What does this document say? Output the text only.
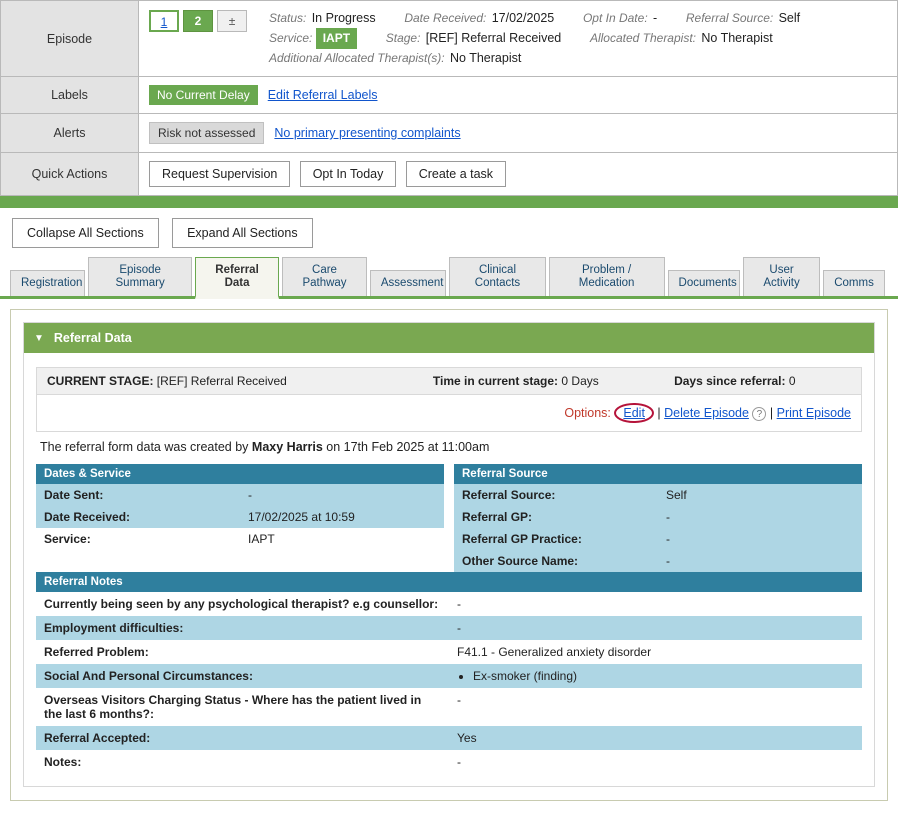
Episode	
1	2	±	Status: In Progress Date Received: 17/02/2025 Opt In Date: - Referral Source: Self
Service: IAPT	Stage: [REF] Referral Received Allocated Therapist: No Therapist
Additional Allocated Therapist(s): No Therapist

Labels	No Current Delay Edit Referral Labels
Alerts	Risk not assessed No primary presenting complaints
Quick Actions	Request Supervision Opt In Today Create a task
Collapse All Sections	Expand All Sections
Registration
Episode Summary
Referral Data
Care Pathway	Assessment
Clinical Contacts
Problem / Medication	Documents
User Activity	Comms
▼ Referral Data
CURRENT STAGE: [REF] Referral Received	Time in current stage: 0 Days	Days since referral: 0
Options: Edit | Delete Episode ? | Print Episode
The referral form data was created by Maxy Harris on 17th Feb 2025 at 11:00am
Dates & Service	
Date Sent:	-
Date Received:	17/02/2025 at 10:59
Service:	IAPT

Referral Source	
Referral Source:	Self
Referral GP:	-
Referral GP Practice:	-
Other Source Name:	-
Referral Notes	
Currently being seen by any psychological therapist? e.g counsellor:	-
Employment difficulties:	-
Referred Problem:	F41.1 - Generalized anxiety disorder
Social And Personal Circumstances:	
•Ex-smoker (finding)

Overseas Visitors Charging Status - Where has the patient lived in the last 6 months?:	-
Referral Accepted:	Yes
Notes:	-
